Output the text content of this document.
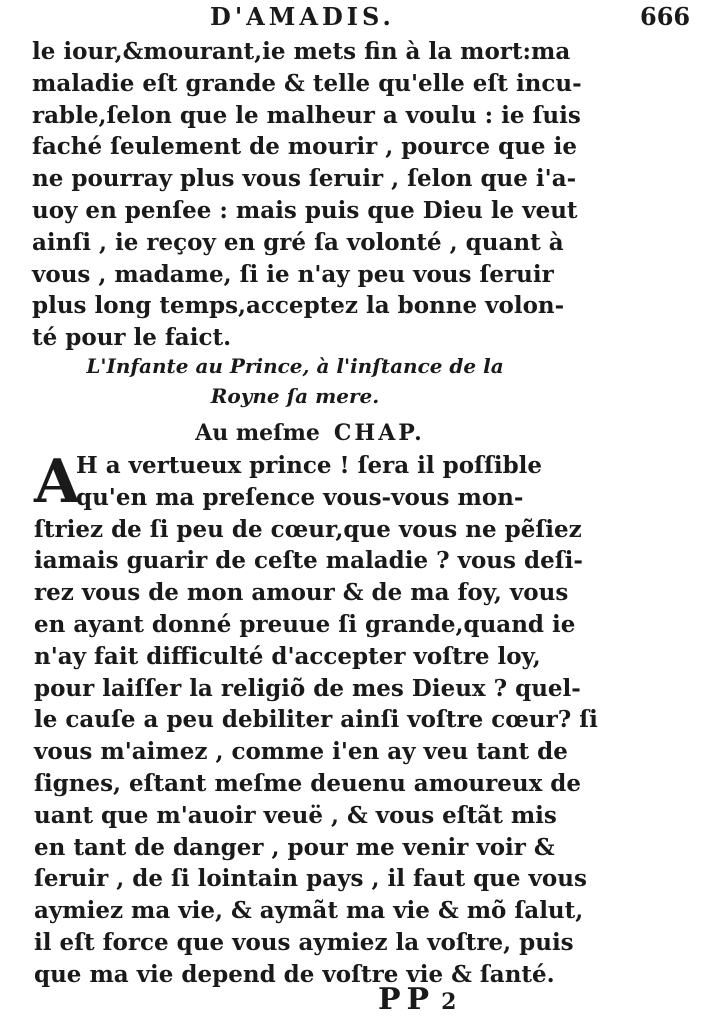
D'AMADIS.	666
le iour,&mourant,ie mets fin à la mort:ma
maladie eſt grande & telle qu'elle eſt incu-
rable,ſelon que le malheur a voulu : ie ſuis
faché ſeulement de mourir , pource que ie
ne pourray plus vous ſeruir , ſelon que i'a-
uoy en penſee : mais puis que Dieu le veut
ainſi , ie reçoy en gré ſa volonté , quant à
vous , madame, ſi ie n'ay peu vous ſeruir
plus long temps,acceptez la bonne volon-
té pour le faict.
L'Infante au Prince, à l'inſtance de la
Royne ſa mere.
Au meſme CHAP.
A
H a vertueux prince ! ſera il poſſible
qu'en ma preſence vous-vous mon-
ſtriez de ſi peu de cœur,que vous ne pẽſiez
iamais guarir de ceſte maladie ? vous deſi-
rez vous de mon amour & de ma foy, vous
en ayant donné preuue ſi grande,quand ie
n'ay fait difficulté d'accepter voſtre loy,
pour laiſſer la religiõ de mes Dieux ? quel-
le cauſe a peu debiliter ainſi voſtre cœur? ſi
vous m'aimez , comme i'en ay veu tant de
ſignes, eſtant meſme deuenu amoureux de
uant que m'auoir veuë , & vous eſtãt mis
en tant de danger , pour me venir voir &
ſeruir , de ſi lointain pays , il faut que vous
aymiez ma vie, & aymãt ma vie & mõ ſalut,
il eſt force que vous aymiez la voſtre, puis
que ma vie depend de voſtre vie & ſanté.
PP 2
